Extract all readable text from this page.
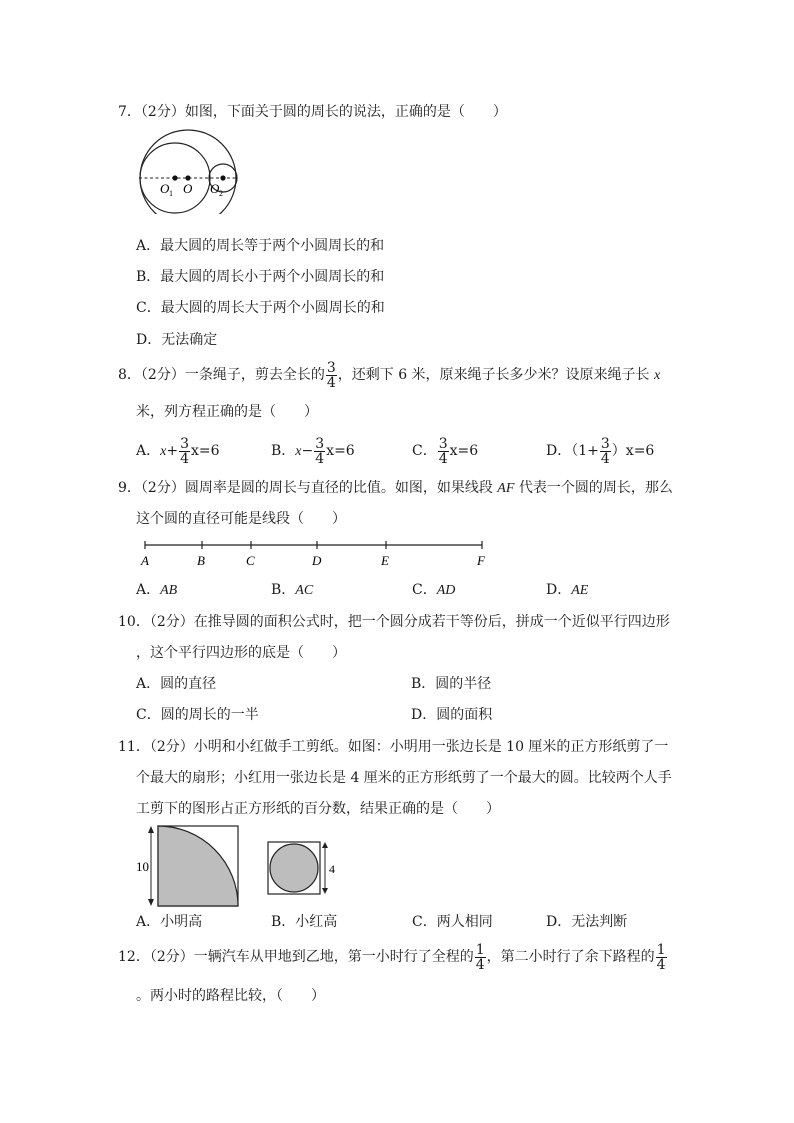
7．（2分）如图，下面关于圆的周长的说法，正确的是（　　）
O 1 O O 2
A．最大圆的周长等于两个小圆周长的和
B．最大圆的周长小于两个小圆周长的和
C．最大圆的周长大于两个小圆周长的和
D．无法确定
8．（2分）一条绳子，剪去全长的 $\frac{3}{4}$ ，还剩下 6 米，原来绳子长多少米？设原来绳子长 x
米，列方程正确的是（　　）
A．$x+ \frac{3}{4} x=6$	B．$x- \frac{3}{4} x=6$	C． $\frac{3}{4} x=6$	D．$(1+ \frac{3}{4} )x=6$
9．（2分）圆周率是圆的周长与直径的比值。如图，如果线段 AF 代表一个圆的周长，那么
这个圆的直径可能是线段（　　）
A	B	C	D	E	F
A．AB	B．AC	C．AD	D．AE
10．（2分）在推导圆的面积公式时，把一个圆分成若干等份后，拼成一个近似平行四边形
，这个平行四边形的底是（　　）
A．圆的直径	B．圆的半径
C．圆的周长的一半	D．圆的面积
11．（2分）小明和小红做手工剪纸。如图：小明用一张边长是 10 厘米的正方形纸剪了一
个最大的扇形；小红用一张边长是 4 厘米的正方形纸剪了一个最大的圆。比较两个人手
工剪下的图形占正方形纸的百分数，结果正确的是（　　）
10	4
A．小明高	B．小红高	C．两人相同	D．无法判断
12．（2分）一辆汽车从甲地到乙地，第一小时行了全程的 $\frac{1}{4}$ ，第二小时行了余下路程的 $\frac{1}{4}$
。两小时的路程比较，（　　）
